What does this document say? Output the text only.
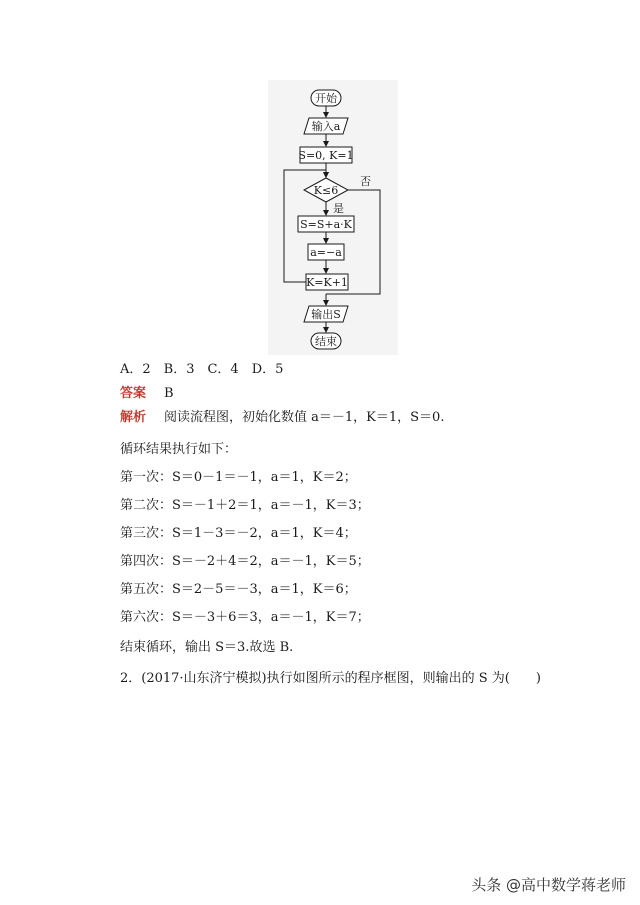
开始
输入a
S=0, K=1
K≤6
否
是
S=S+a·K
a=−a
K=K+1
输出S
结束
A．2　B．3　C．4　D．5
答案 B
解析 阅读流程图，初始化数值 a＝－1，K＝1，S＝0.
循环结果执行如下：
第一次：S＝0－1＝－1，a＝1，K＝2；
第二次：S＝－1＋2＝1，a＝－1，K＝3；
第三次：S＝1－3＝－2，a＝1，K＝4；
第四次：S＝－2＋4＝2，a＝－1，K＝5；
第五次：S＝2－5＝－3，a＝1，K＝6；
第六次：S＝－3＋6＝3，a＝－1，K＝7；
结束循环，输出 S＝3.故选 B.
2．(2017·山东济宁模拟)执行如图所示的程序框图，则输出的 S 为(　　)
头条 @高中数学蒋老师
